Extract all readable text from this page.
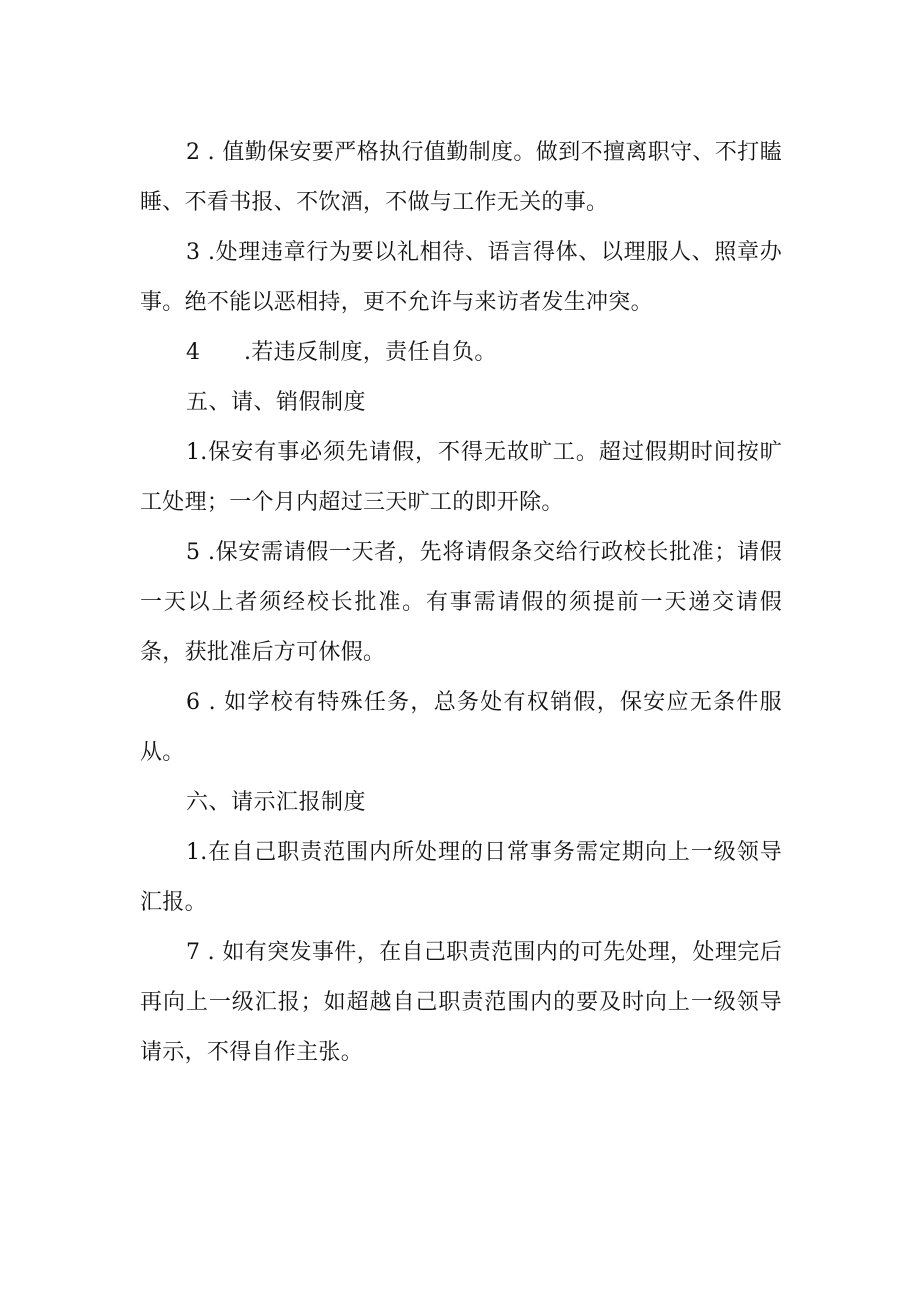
2 . 值勤保安要严格执行值勤制度。做到不擅离职守、不打瞌睡、不看书报、不饮酒，不做与工作无关的事。

3 .处理违章行为要以礼相待、语言得体、以理服人、照章办事。绝不能以恶相持，更不允许与来访者发生冲突。

4      .若违反制度，责任自负。

五、请、销假制度

1.保安有事必须先请假，不得无故旷工。超过假期时间按旷工处理；一个月内超过三天旷工的即开除。

5 .保安需请假一天者，先将请假条交给行政校长批准；请假一天以上者须经校长批准。有事需请假的须提前一天递交请假条，获批准后方可休假。

6 . 如学校有特殊任务，总务处有权销假，保安应无条件服从。

六、请示汇报制度

1.在自己职责范围内所处理的日常事务需定期向上一级领导汇报。

7 . 如有突发事件，在自己职责范围内的可先处理，处理完后再向上一级汇报；如超越自己职责范围内的要及时向上一级领导请示，不得自作主张。
